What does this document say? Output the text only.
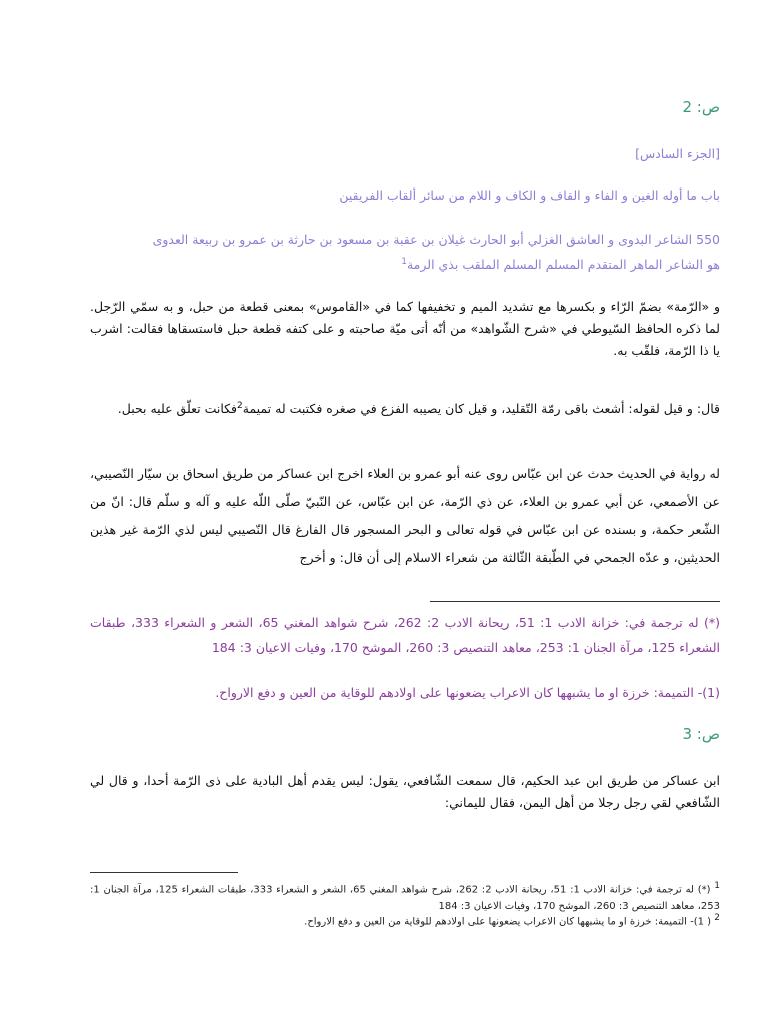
ص: 2
[الجزء السادس]
باب ما أوله الغين و الفاء و القاف و الكاف و اللام من سائر ألقاب الفريقين
550 الشاعر البدوى و العاشق الغزلي أبو الحارث غيلان بن عقبة بن مسعود بن حارثة بن عمرو بن ربيعة العدوى
هو الشاعر الماهر المتقدم المسلم المسلم الملقب بذي الرمة$^1$
و «الرّمة» بضمّ الرّاء و بكسرها مع تشديد الميم و تخفيفها كما في «القاموس» بمعنى قطعة من حبل، و به سمّي الرّجل. لما ذكره الحافظ السّيوطي في «شرح الشّواهد» من أنّه أتى ميّة صاحبته و على كتفه قطعة حبل فاستسقاها فقالت: اشرب يا ذا الرّمة، فلقّب به.
قال: و قيل لقوله: أشعث باقى رمّة التّقليد، و قيل كان يصيبه الفزع في صغره فكتبت له تميمة$^2$فكانت تعلّق عليه بحبل.
له رواية في الحديث حدث عن ابن عبّاس روى عنه أبو عمرو بن العلاء اخرج ابن عساكر من طريق اسحاق بن سيّار النّصيبي، عن الأصمعي، عن أبي عمرو بن العلاء، عن ذي الرّمة، عن ابن عبّاس، عن النّبيّ صلّى اللّه عليه و آله و سلّم قال: انّ من الشّعر حكمة، و بسنده عن ابن عبّاس في قوله تعالى و البحر المسجور قال الفارغ قال النّصيبي ليس لذي الرّمة غير هذين الحديثين، و عدّه الجمحي في الطّبقة الثّالثة من شعراء الاسلام إلى أن قال: و أخرج
(*) له ترجمة في: خزانة الادب 1: 51، ريحانة الادب 2: 262، شرح شواهد المغني 65، الشعر و الشعراء 333، طبقات الشعراء 125، مرآة الجنان 1: 253، معاهد التنصيص 3: 260، الموشح 170، وفيات الاعيان 3: 184
(1)- التميمة: خرزة او ما يشبهها كان الاعراب يضعونها على اولادهم للوقاية من العين و دفع الارواح.
ص: 3
ابن عساكر من طريق ابن عبد الحكيم، قال سمعت الشّافعي، يقول: ليس يقدم أهل البادية على ذى الرّمة أحدا، و قال لي الشّافعي لقي رجل رجلا من أهل اليمن، فقال لليماني:
$^1$ (*) له ترجمة في: خزانة الادب 1: 51، ريحانة الادب 2: 262، شرح شواهد المغني 65، الشعر و الشعراء 333، طبقات الشعراء 125، مرآة الجنان 1: 253، معاهد التنصيص 3: 260، الموشح 170، وفيات الاعيان 3: 184
$^2$ ( 1)- التميمة: خرزة او ما يشبهها كان الاعراب يضعونها على اولادهم للوقاية من العين و دفع الارواح.
